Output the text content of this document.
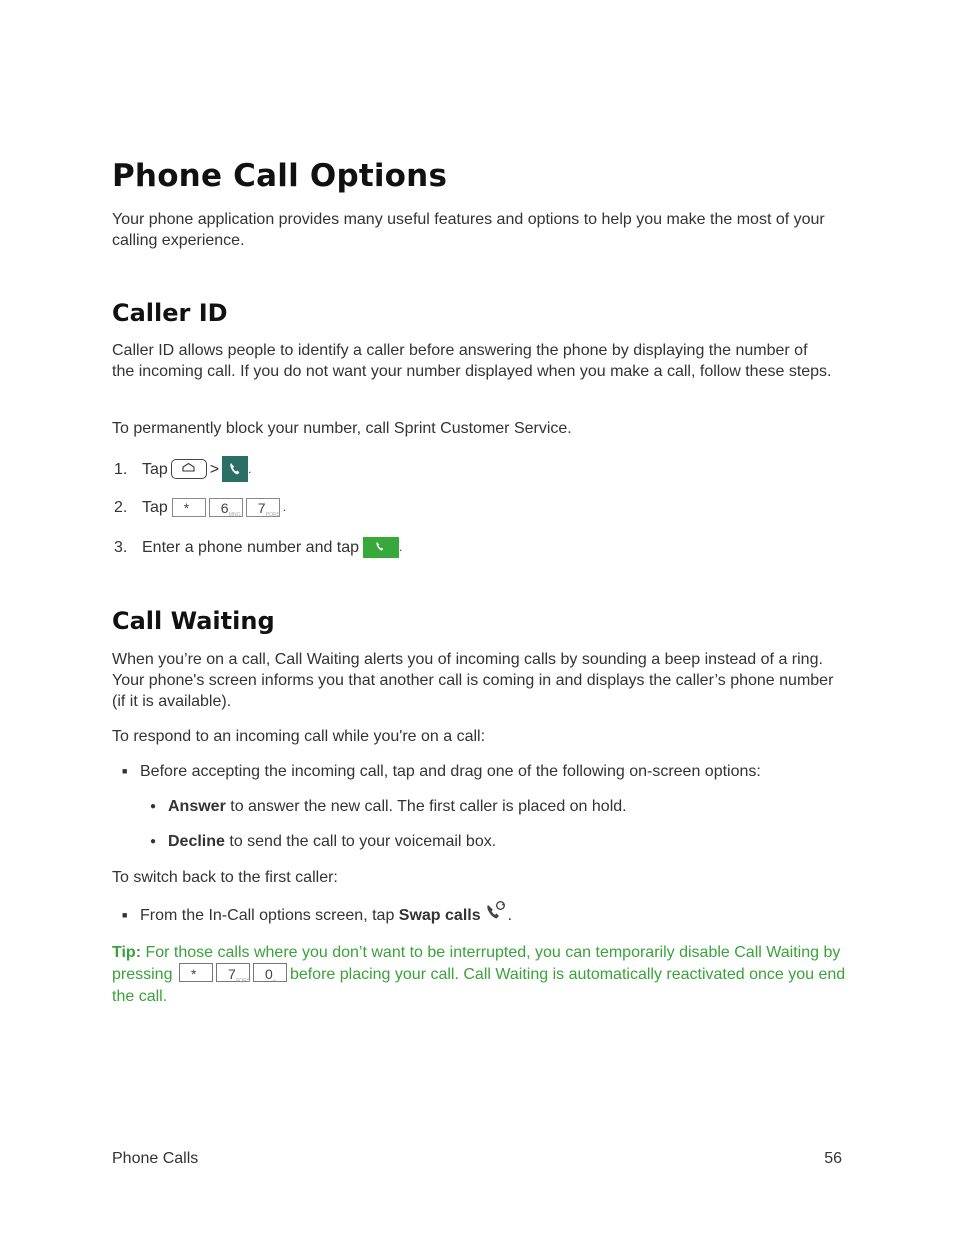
Phone Call Options

Your phone application provides many useful features and options to help you make the most of your calling experience.

Caller ID

Caller ID allows people to identify a caller before answering the phone by displaying the number of the incoming call. If you do not want your number displayed when you make a call, follow these steps.

To permanently block your number, call Sprint Customer Service.

1. Tap	> .
2. Tap * 6 MNO 7 PQRS
.
3. Enter a phone number and tap	.
Call Waiting

When you’re on a call, Call Waiting alerts you of incoming calls by sounding a beep instead of a ring. Your phone's screen informs you that another call is coming in and displays the caller’s phone number (if it is available).

To respond to an incoming call while you're on a call:

■ Before accepting the incoming call, tap and drag one of the following on-screen options:
● Answer to answer the new call. The first caller is placed on hold.
● Decline to send the call to your voicemail box.

To switch back to the first caller:

■ From the In-Call options screen, tap Swap calls .
Tip: For those calls where you don’t want to be interrupted, you can temporarily disable Call Waiting by pressing * 7 PQRS 0 + before placing your call. Call Waiting is automatically reactivated once you end the call.
Phone Calls	56
